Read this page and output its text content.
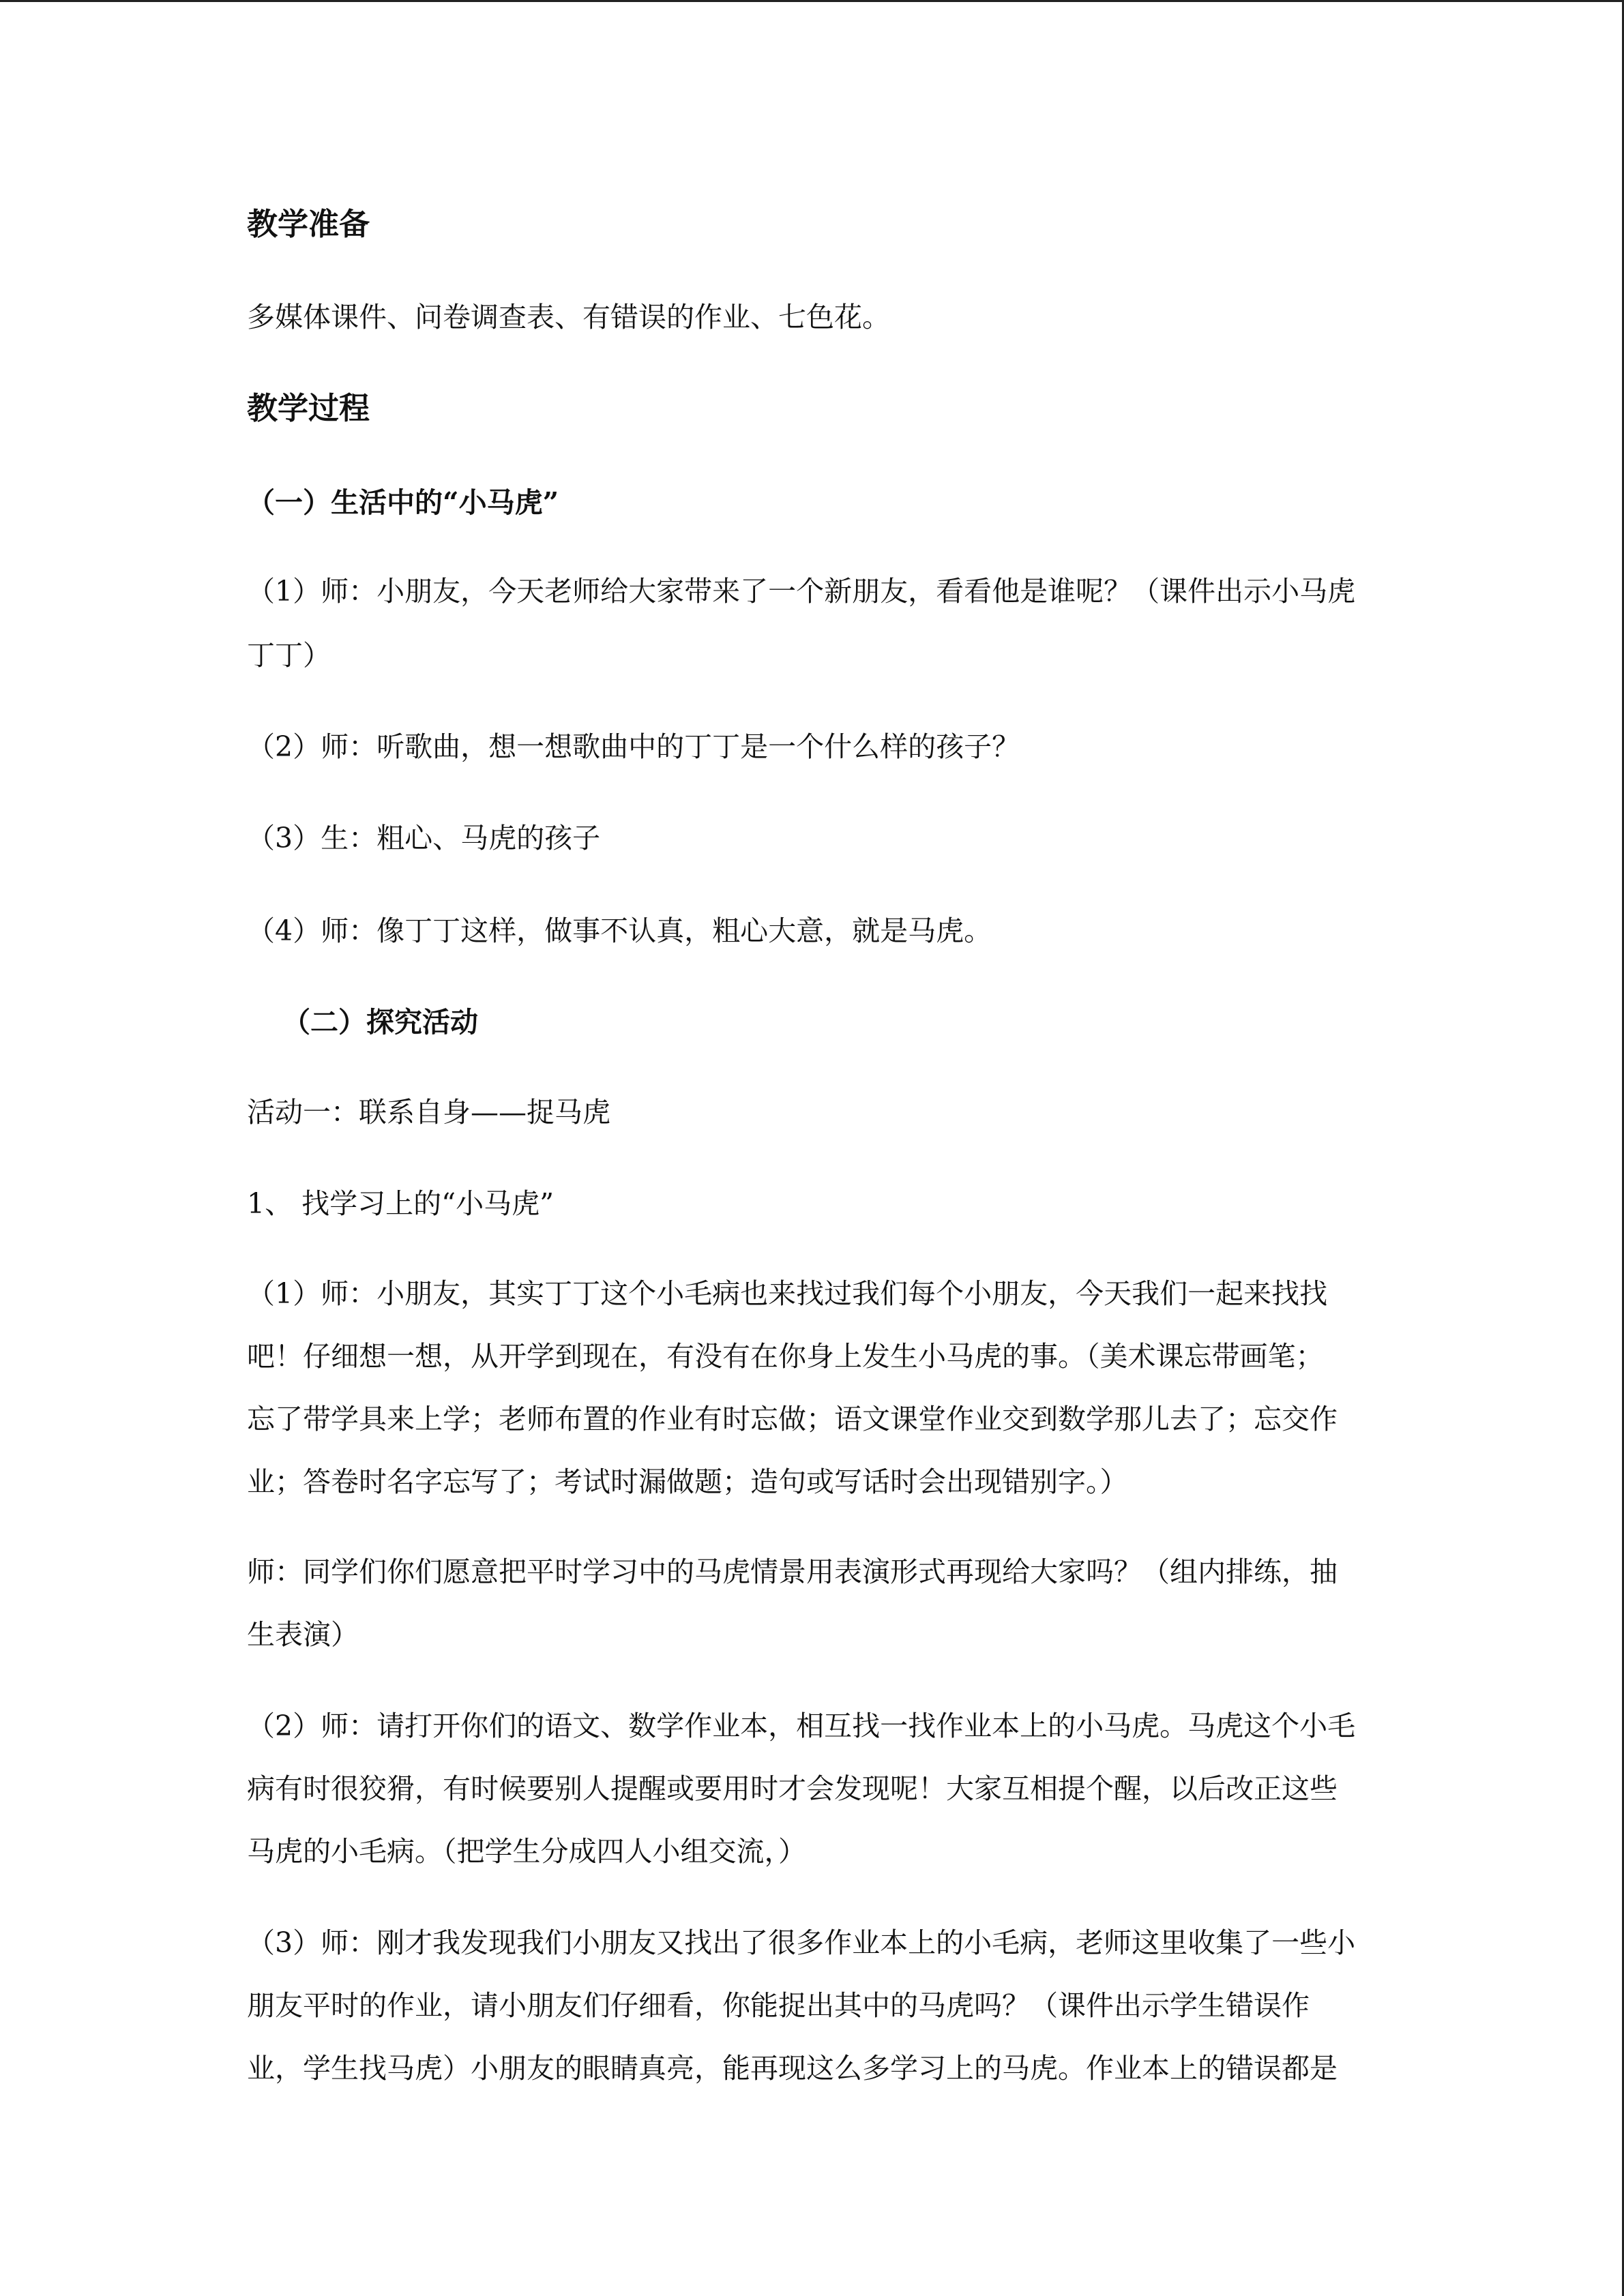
教学准备
多媒体课件、问卷调查表、有错误的作业、七色花。
教学过程
（一）生活中的“小马虎”
（1）师：小朋友，今天老师给大家带来了一个新朋友，看看他是谁呢？（课件出示小马虎
丁丁）
（2）师：听歌曲，想一想歌曲中的丁丁是一个什么样的孩子？
（3）生：粗心、马虎的孩子
（4）师：像丁丁这样，做事不认真，粗心大意，就是马虎。
（二）探究活动
活动一：联系自身——捉马虎
1、 找学习上的“小马虎”
（1）师：小朋友，其实丁丁这个小毛病也来找过我们每个小朋友，今天我们一起来找找
吧！仔细想一想，从开学到现在，有没有在你身上发生小马虎的事。（美术课忘带画笔；
忘了带学具来上学；老师布置的作业有时忘做；语文课堂作业交到数学那儿去了；忘交作
业；答卷时名字忘写了；考试时漏做题；造句或写话时会出现错别字。）
师：同学们你们愿意把平时学习中的马虎情景用表演形式再现给大家吗？（组内排练，抽
生表演）
（2）师：请打开你们的语文、数学作业本，相互找一找作业本上的小马虎。马虎这个小毛
病有时很狡猾，有时候要别人提醒或要用时才会发现呢！大家互相提个醒，以后改正这些
马虎的小毛病。（把学生分成四人小组交流，）
（3）师：刚才我发现我们小朋友又找出了很多作业本上的小毛病，老师这里收集了一些小
朋友平时的作业，请小朋友们仔细看，你能捉出其中的马虎吗？（课件出示学生错误作
业，学生找马虎）小朋友的眼睛真亮，能再现这么多学习上的马虎。作业本上的错误都是
